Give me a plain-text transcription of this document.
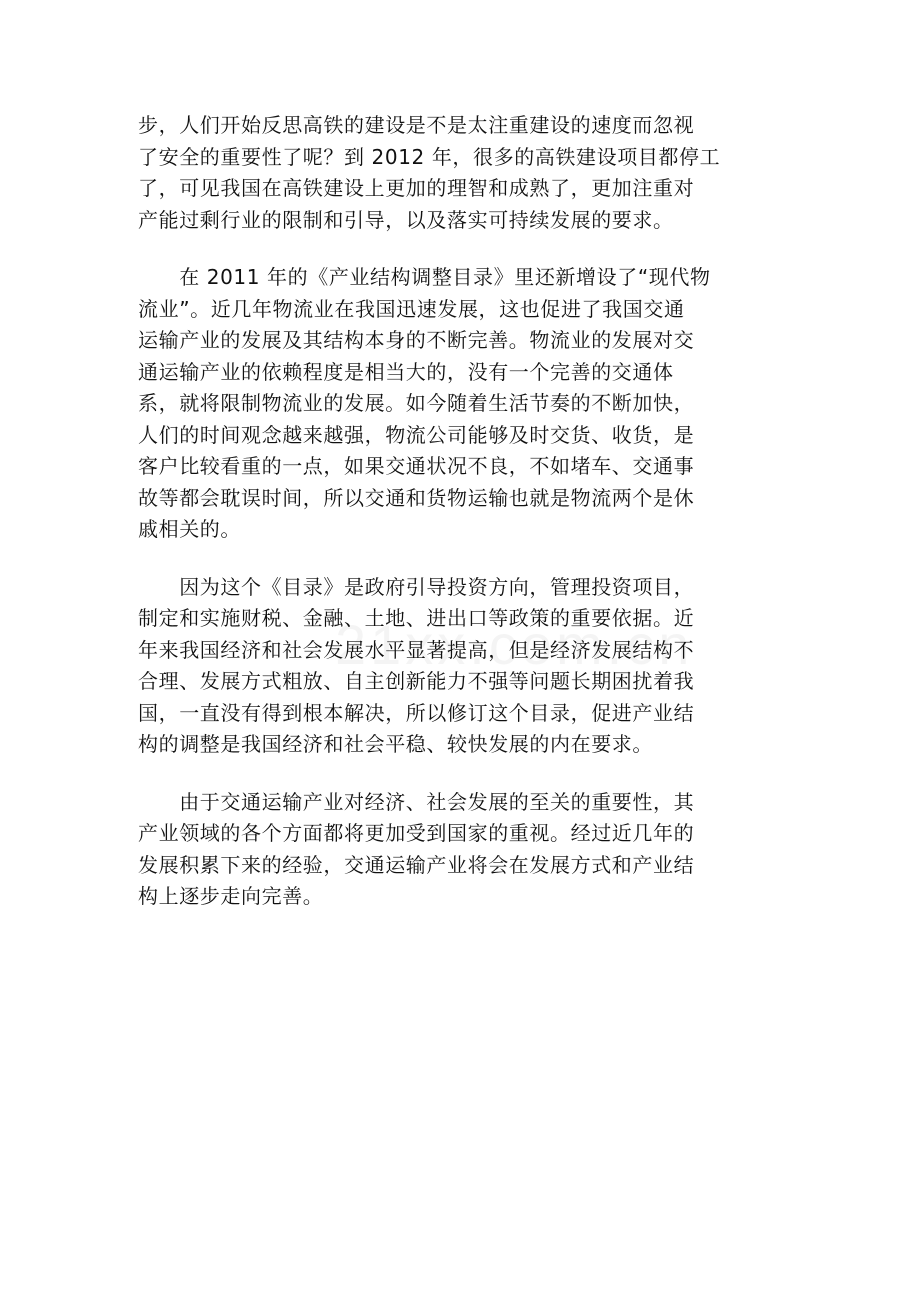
步，人们开始反思高铁的建设是不是太注重建设的速度而忽视
了安全的重要性了呢？到 2012 年，很多的高铁建设项目都停工
了，可见我国在高铁建设上更加的理智和成熟了，更加注重对
产能过剩行业的限制和引导，以及落实可持续发展的要求。
　　在 2011 年的《产业结构调整目录》里还新增设了“现代物
流业”。近几年物流业在我国迅速发展，这也促进了我国交通
运输产业的发展及其结构本身的不断完善。物流业的发展对交
通运输产业的依赖程度是相当大的，没有一个完善的交通体
系，就将限制物流业的发展。如今随着生活节奏的不断加快，
人们的时间观念越来越强，物流公司能够及时交货、收货，是
客户比较看重的一点，如果交通状况不良，不如堵车、交通事
故等都会耽误时间，所以交通和货物运输也就是物流两个是休
戚相关的。
　　因为这个《目录》是政府引导投资方向，管理投资项目，
制定和实施财税、金融、土地、进出口等政策的重要依据。近
年来我国经济和社会发展水平显著提高，但是经济发展结构不
合理、发展方式粗放、自主创新能力不强等问题长期困扰着我
国，一直没有得到根本解决，所以修订这个目录，促进产业结
构的调整是我国经济和社会平稳、较快发展的内在要求。
　　由于交通运输产业对经济、社会发展的至关的重要性，其
产业领域的各个方面都将更加受到国家的重视。经过近几年的
发展积累下来的经验，交通运输产业将会在发展方式和产业结
构上逐步走向完善。
